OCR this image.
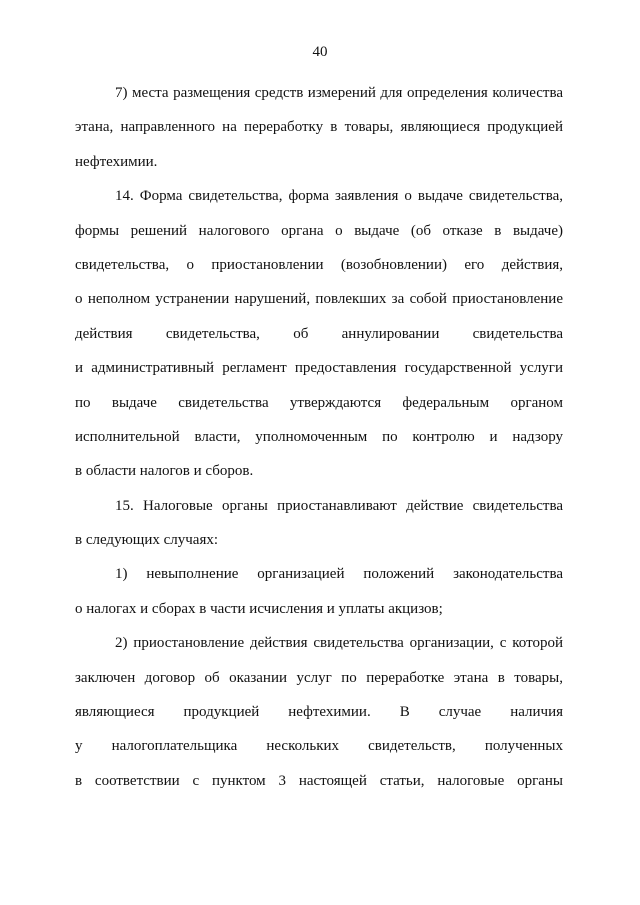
40
7) места размещения средств измерений для определения количества
этана, направленного на переработку в товары, являющиеся продукцией
нефтехимии.
14. Форма свидетельства, форма заявления о выдаче свидетельства,
формы решений налогового органа о выдаче (об отказе в выдаче)
свидетельства, о приостановлении (возобновлении) его действия,
о неполном устранении нарушений, повлекших за собой приостановление
действия свидетельства, об аннулировании свидетельства
и административный регламент предоставления государственной услуги
по выдаче свидетельства утверждаются федеральным органом
исполнительной власти, уполномоченным по контролю и надзору
в области налогов и сборов.
15. Налоговые органы приостанавливают действие свидетельства
в следующих случаях:
1) невыполнение организацией положений законодательства
о налогах и сборах в части исчисления и уплаты акцизов;
2) приостановление действия свидетельства организации, с которой
заключен договор об оказании услуг по переработке этана в товары,
являющиеся продукцией нефтехимии. В случае наличия
у налогоплательщика нескольких свидетельств, полученных
в соответствии с пунктом 3 настоящей статьи, налоговые органы
